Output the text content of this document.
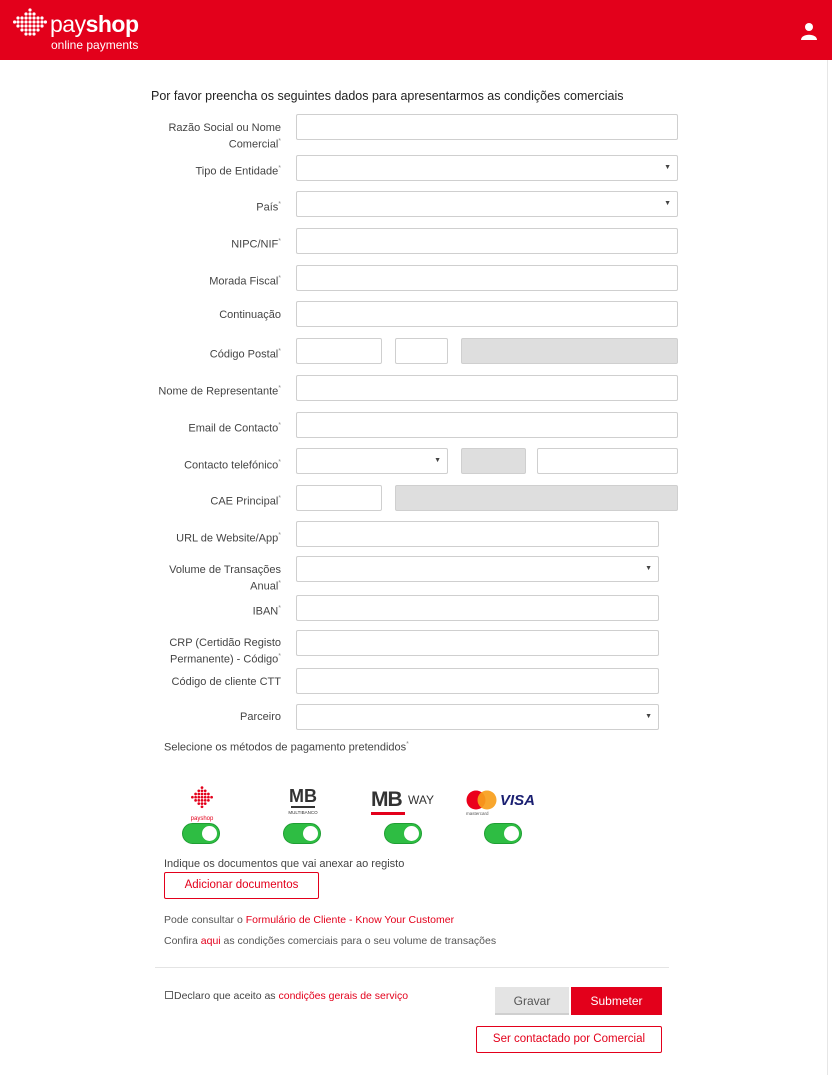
payshop
online payments
Por favor preencha os seguintes dados para apresentarmos as condições comerciais
Razão Social ou Nome
Comercial*
Tipo de Entidade*	▼
País*	▼
NIPC/NIF*
Morada Fiscal*
Continuação
Código Postal*
Nome de Representante*
Email de Contacto*
Contacto telefónico*	▼
CAE Principal*
URL de Website/App*
Volume de Transações
Anual*
▼
IBAN*
CRP (Certidão Registo
Permanente) - Código*
Código de cliente CTT
Parceiro	▼
Selecione os métodos de pagamento pretendidos*
payshop
MB
MULTIBANCO
MB WAY
mastercard
VISA
Indique os documentos que vai anexar ao registo
Adicionar documentos
Pode consultar o Formulário de Cliente - Know Your Customer
Confira aqui as condições comerciais para o seu volume de transações
Declaro que aceito as condições gerais de serviço	Gravar	Submeter
Ser contactado por Comercial
